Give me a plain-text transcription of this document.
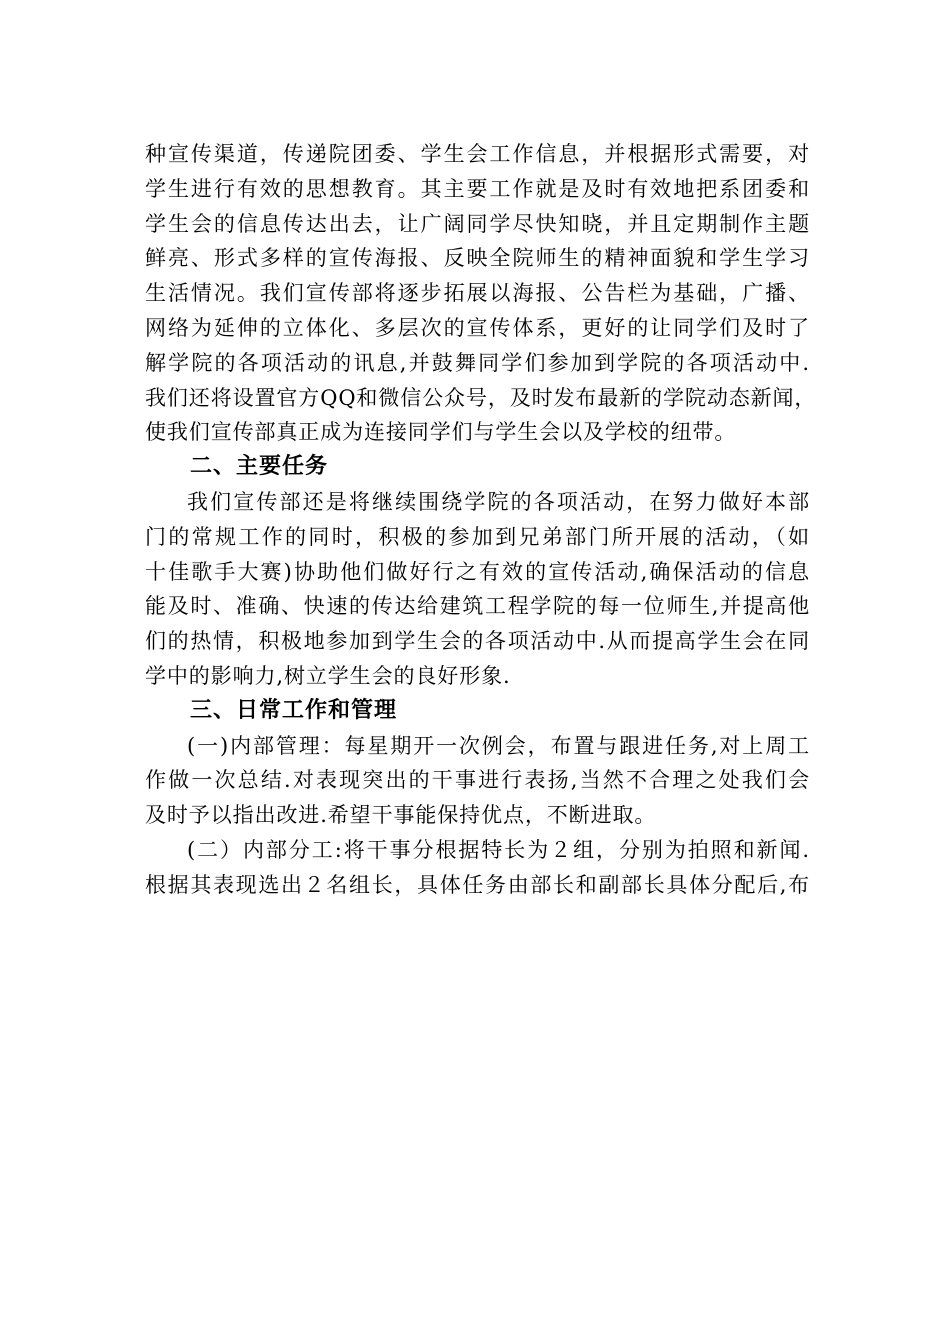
种宣传渠道，传递院团委、学生会工作信息，并根据形式需要，对
学生进行有效的思想教育。其主要工作就是及时有效地把系团委和
学生会的信息传达出去，让广阔同学尽快知晓，并且定期制作主题
鲜亮、形式多样的宣传海报、反映全院师生的精神面貌和学生学习
生活情况。我们宣传部将逐步拓展以海报、公告栏为基础，广播、
网络为延伸的立体化、多层次的宣传体系，更好的让同学们及时了
解学院的各项活动的讯息,并鼓舞同学们参加到学院的各项活动中.
我们还将设置官方QQ和微信公众号，及时发布最新的学院动态新闻，
使我们宣传部真正成为连接同学们与学生会以及学校的纽带。
二、主要任务
我们宣传部还是将继续围绕学院的各项活动，在努力做好本部
门的常规工作的同时，积极的参加到兄弟部门所开展的活动，（如
十佳歌手大赛)协助他们做好行之有效的宣传活动,确保活动的信息
能及时、准确、快速的传达给建筑工程学院的每一位师生,并提高他
们的热情，积极地参加到学生会的各项活动中.从而提高学生会在同
学中的影响力,树立学生会的良好形象.
三、日常工作和管理
(一)内部管理：每星期开一次例会，布置与跟进任务,对上周工
作做一次总结.对表现突出的干事进行表扬,当然不合理之处我们会
及时予以指出改进.希望干事能保持优点，不断进取。
(二）内部分工:将干事分根据特长为２组，分别为拍照和新闻.
根据其表现选出２名组长，具体任务由部长和副部长具体分配后,布
